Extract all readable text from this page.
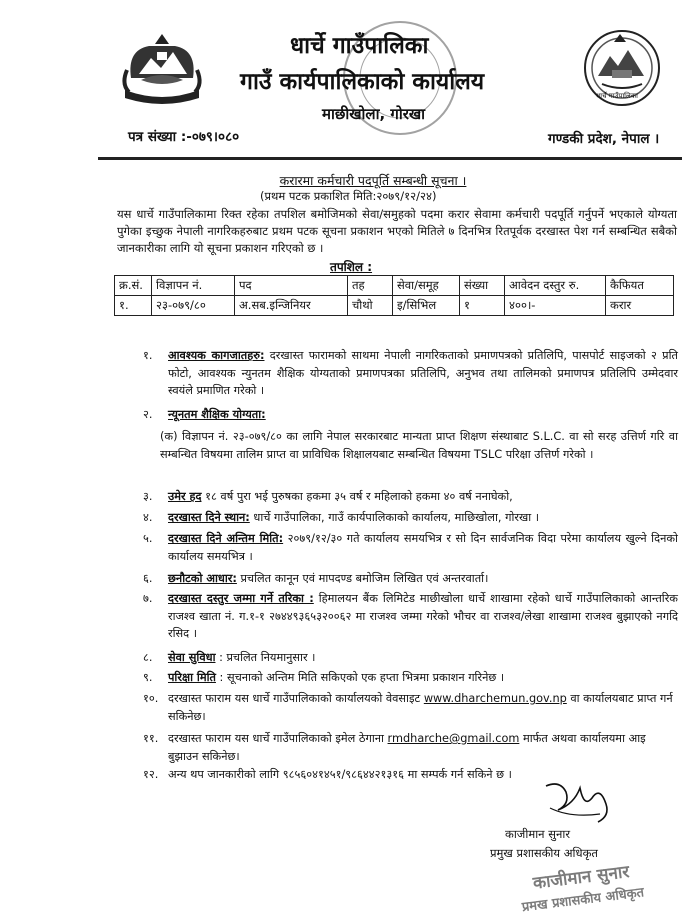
धार्चे गाउँपालिका
धार्चे गाउँपालिका
गाउँ कार्यपालिकाको कार्यालय
माछीखोला, गोरखा
पत्र संख्या :-०७९।०८०	गण्डकी प्रदेश, नेपाल ।
करारमा कर्मचारी पदपूर्ति सम्बन्धी सूचना ।
(प्रथम पटक प्रकाशित मिति:२०७९/१२/२४)
यस धार्चे गाउँपालिकामा रिक्त रहेका तपशिल बमोजिमको सेवा/समुहको पदमा करार सेवामा कर्मचारी पदपूर्ति गर्नुपर्ने भएकाले योग्यता पुगेका इच्छुक नेपाली नागरिकहरुबाट प्रथम पटक सूचना प्रकाशन भएको मितिले ७ दिनभित्र रितपूर्वक दरखास्त पेश गर्न सम्बन्धित सबैको जानकारीका लागि यो सूचना प्रकाशन गरिएको छ ।
तपशिल :
क्र.सं.	विज्ञापन नं.	पद	तह	सेवा/समूह	संख्या	आवेदन दस्तुर रु.	कैफियत
१.	२३-०७९/८०	अ.सब.इन्जिनियर	चौथो	इ/सिभिल	१	४००।-	करार
१.	आवश्यक कागजातहरु: दरखास्त फारामको साथमा नेपाली नागरिकताको प्रमाणपत्रको प्रतिलिपि, पासपोर्ट साइजको २ प्रति फोटो, आवश्यक न्युनतम शैक्षिक योग्यताको प्रमाणपत्रका प्रतिलिपि, अनुभव तथा तालिमको प्रमाणपत्र प्रतिलिपि उम्मेदवार स्वयंले प्रमाणित गरेको ।
२.	न्यूनतम शैक्षिक योग्यता:
(क) विज्ञापन नं. २३-०७९/८० का लागि नेपाल सरकारबाट मान्यता प्राप्त शिक्षण संस्थाबाट S.L.C. वा सो सरह उत्तिर्ण गरि वा सम्बन्धित विषयमा तालिम प्राप्त वा प्राविधिक शिक्षालयबाट सम्बन्धित विषयमा TSLC परिक्षा उत्तिर्ण गरेको ।
३.	उमेर हद १८ वर्ष पुरा भई पुरुषका हकमा ३५ वर्ष र महिलाको हकमा ४० वर्ष ननाघेको,
४.	दरखास्त दिने स्थान: धार्चे गाउँपालिका, गाउँ कार्यपालिकाको कार्यालय, माछिखोला, गोरखा ।
५.	दरखास्त दिने अन्तिम मिति: २०७९/१२/३० गते कार्यालय समयभित्र र सो दिन सार्वजनिक विदा परेमा कार्यालय खुल्ने दिनको कार्यालय समयभित्र ।
६.	छनौटको आधार: प्रचलित कानून एवं मापदण्ड बमोजिम लिखित एवं अन्तरवार्ता।
७.	दरखास्त दस्तुर जम्मा गर्ने तरिका : हिमालयन बैंक लिमिटेड माछीखोला धार्चे शाखामा रहेको धार्चे गाउँपालिकाको आन्तरिक राजश्व खाता नं. ग.१-१ २७४४९३६५३२००६२ मा राजश्व जम्मा गरेको भौचर वा राजश्व/लेखा शाखामा राजश्व बुझाएको नगदि रसिद ।
८.	सेवा सुविधा : प्रचलित नियमानुसार ।
९.	परिक्षा मिति : सूचनाको अन्तिम मिति सकिएको एक हप्ता भित्रमा प्रकाशन गरिनेछ ।
१०. दरखास्त फाराम यस धार्चे गाउँपालिकाको कार्यालयको वेवसाइट www.dharchemun.gov.np वा कार्यालयबाट प्राप्त गर्न सकिनेछ।
११. दरखास्त फाराम यस धार्चे गाउँपालिकाको इमेल ठेगाना rmdharche@gmail.com मार्फत अथवा कार्यालयमा आइ बुझाउन सकिनेछ।
१२. अन्य थप जानकारीको लागि ९८५६०४१४५१/९८६४४२१३१६ मा सम्पर्क गर्न सकिने छ ।
काजीमान सुनार
प्रमुख प्रशासकीय अधिकृत
काजीमान सुनार
प्रमख प्रशासकीय अधिकृत
